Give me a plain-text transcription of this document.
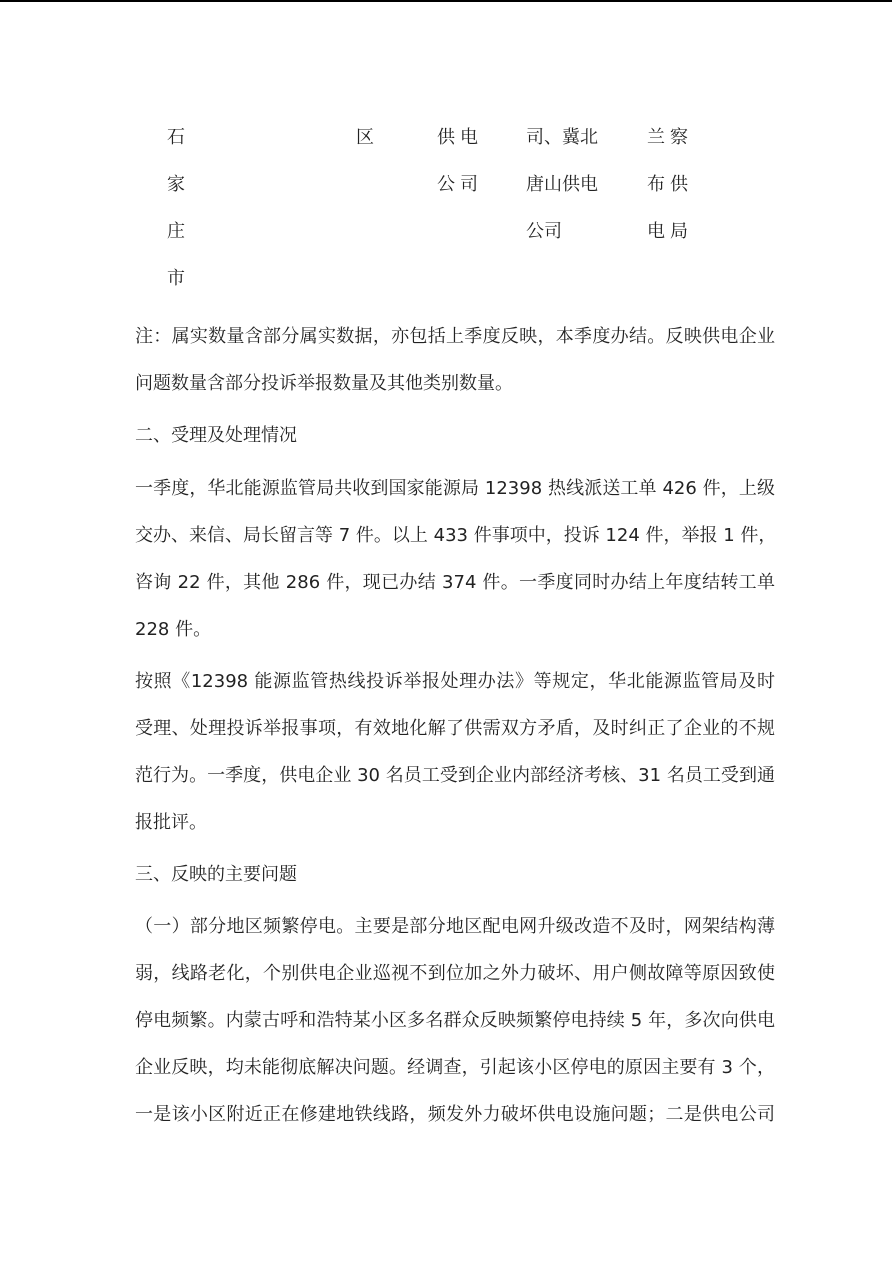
石
家
庄
市
区	供电
公司
司、冀北
唐山供电
公司
兰察
布供
电局
注：属实数量含部分属实数据，亦包括上季度反映，本季度办结。反映供电企业
问题数量含部分投诉举报数量及其他类别数量。
二、受理及处理情况
一季度，华北能源监管局共收到国家能源局 12398 热线派送工单 426 件，上级
交办、来信、局长留言等 7 件。以上 433 件事项中，投诉 124 件，举报 1 件，
咨询 22 件，其他 286 件，现已办结 374 件。一季度同时办结上年度结转工单
228 件。
按照《12398 能源监管热线投诉举报处理办法》等规定，华北能源监管局及时
受理、处理投诉举报事项，有效地化解了供需双方矛盾，及时纠正了企业的不规
范行为。一季度，供电企业 30 名员工受到企业内部经济考核、31 名员工受到通
报批评。
三、反映的主要问题
（一）部分地区频繁停电。主要是部分地区配电网升级改造不及时，网架结构薄
弱，线路老化，个别供电企业巡视不到位加之外力破坏、用户侧故障等原因致使
停电频繁。内蒙古呼和浩特某小区多名群众反映频繁停电持续 5 年，多次向供电
企业反映，均未能彻底解决问题。经调查，引起该小区停电的原因主要有 3 个，
一是该小区附近正在修建地铁线路，频发外力破坏供电设施问题；二是供电公司
